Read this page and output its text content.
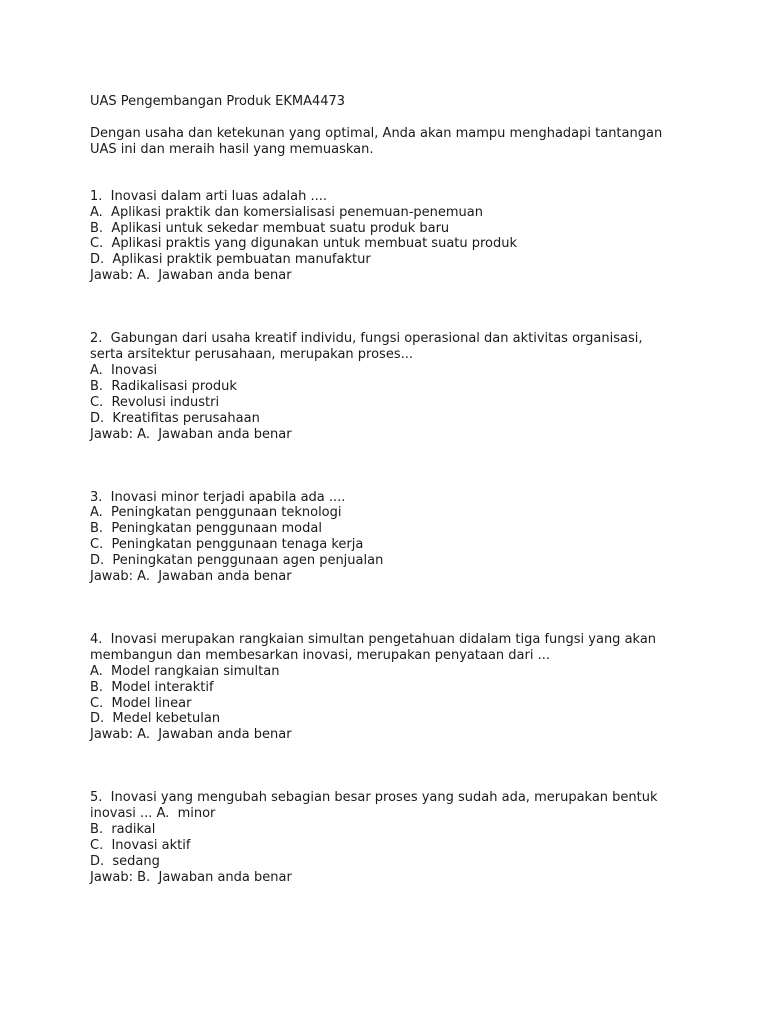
UAS Pengembangan Produk EKMA4473
Dengan usaha dan ketekunan yang optimal, Anda akan mampu menghadapi tantangan
UAS ini dan meraih hasil yang memuaskan.
1.  Inovasi dalam arti luas adalah ....
A.  Aplikasi praktik dan komersialisasi penemuan-penemuan
B.  Aplikasi untuk sekedar membuat suatu produk baru
C.  Aplikasi praktis yang digunakan untuk membuat suatu produk
D.  Aplikasi praktik pembuatan manufaktur
Jawab: A.  Jawaban anda benar
2.  Gabungan dari usaha kreatif individu, fungsi operasional dan aktivitas organisasi,
serta arsitektur perusahaan, merupakan proses...
A.  Inovasi
B.  Radikalisasi produk
C.  Revolusi industri
D.  Kreatifitas perusahaan
Jawab: A.  Jawaban anda benar
3.  Inovasi minor terjadi apabila ada ....
A.  Peningkatan penggunaan teknologi
B.  Peningkatan penggunaan modal
C.  Peningkatan penggunaan tenaga kerja
D.  Peningkatan penggunaan agen penjualan
Jawab: A.  Jawaban anda benar
4.  Inovasi merupakan rangkaian simultan pengetahuan didalam tiga fungsi yang akan
membangun dan membesarkan inovasi, merupakan penyataan dari ...
A.  Model rangkaian simultan
B.  Model interaktif
C.  Model linear
D.  Medel kebetulan
Jawab: A.  Jawaban anda benar
5.  Inovasi yang mengubah sebagian besar proses yang sudah ada, merupakan bentuk
inovasi ... A.  minor
B.  radikal
C.  Inovasi aktif
D.  sedang
Jawab: B.  Jawaban anda benar
